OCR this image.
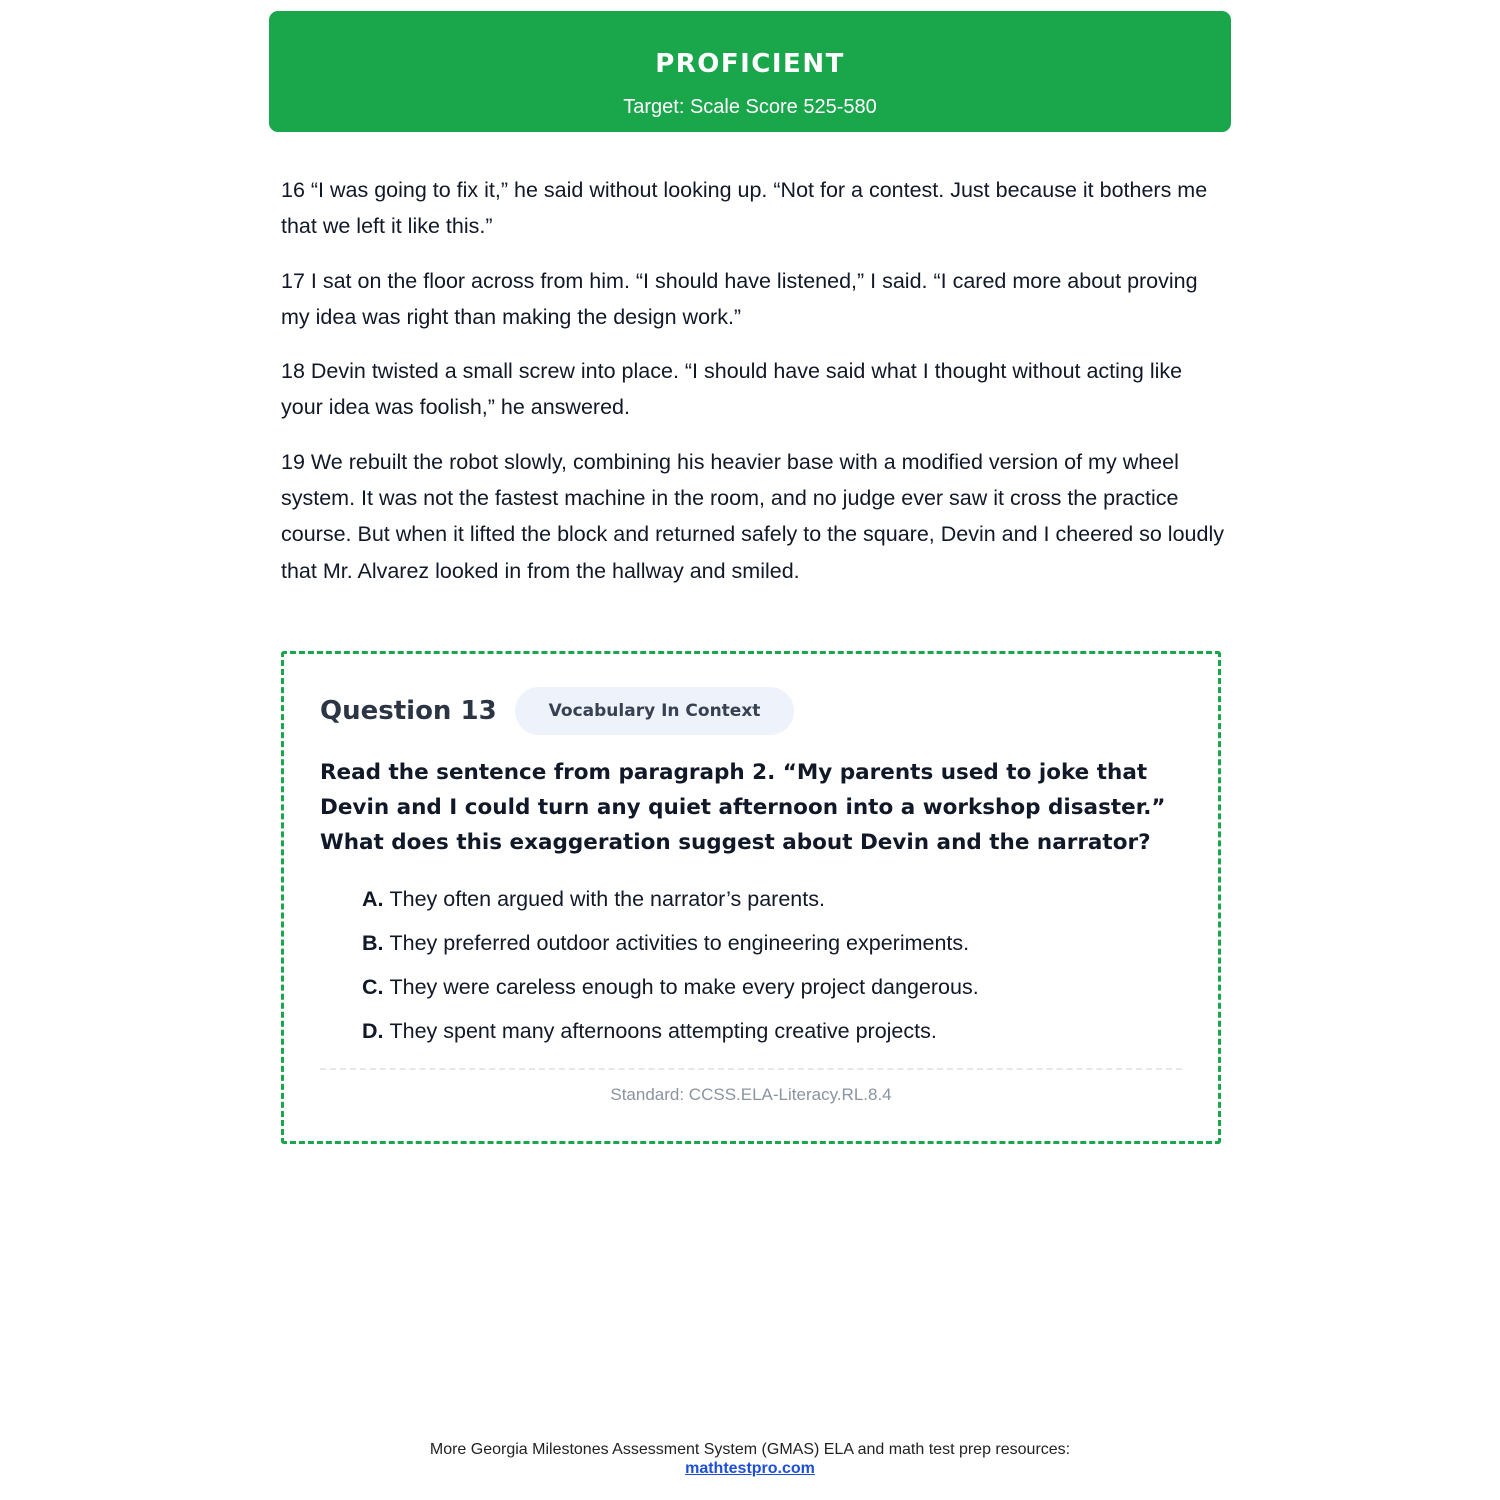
PROFICIENT
Target: Scale Score 525-580

16 “I was going to fix it,” he said without looking up. “Not for a contest. Just because it bothers me that we left it like this.”

17 I sat on the floor across from him. “I should have listened,” I said. “I cared more about proving my idea was right than making the design work.”

18 Devin twisted a small screw into place. “I should have said what I thought without acting like your idea was foolish,” he answered.

19 We rebuilt the robot slowly, combining his heavier base with a modified version of my wheel system. It was not the fastest machine in the room, and no judge ever saw it cross the practice course. But when it lifted the block and returned safely to the square, Devin and I cheered so loudly that Mr. Alvarez looked in from the hallway and smiled.

Question 13	Vocabulary In Context
Read the sentence from paragraph 2. “My parents used to joke that Devin and I could turn any quiet afternoon into a workshop disaster.” What does this exaggeration suggest about Devin and the narrator?
A. They often argued with the narrator’s parents.
B. They preferred outdoor activities to engineering experiments.
C. They were careless enough to make every project dangerous.
D. They spent many afternoons attempting creative projects.
Standard: CCSS.ELA-Literacy.RL.8.4
More Georgia Milestones Assessment System (GMAS) ELA and math test prep resources:
mathtestpro.com
